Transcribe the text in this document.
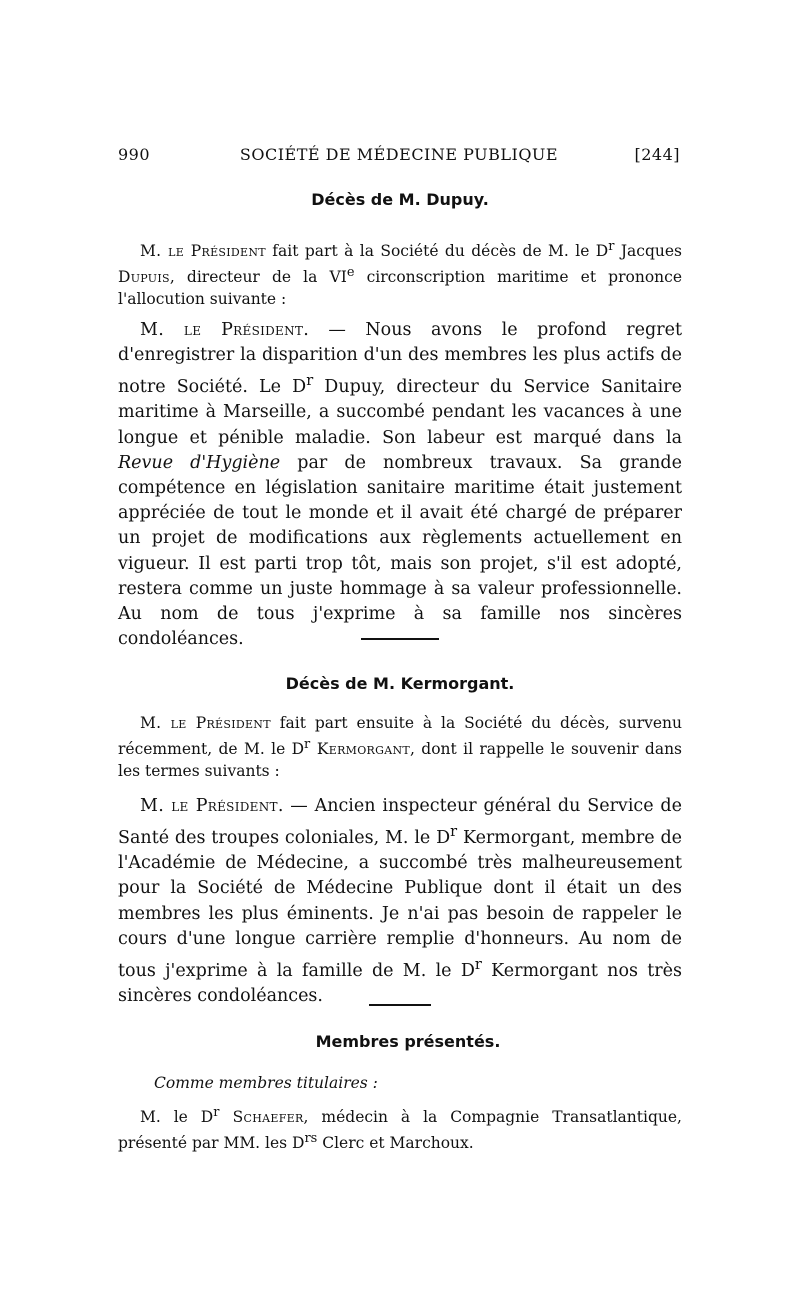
990	SOCIÉTÉ DE MÉDECINE PUBLIQUE	[244]
Décès de M. Dupuy.

M. le Président fait part à la Société du décès de M. le $D^r$ Jacques Dupuis, directeur de la VIe circonscription maritime et prononce l'allocution suivante :

M. le Président. — Nous avons le profond regret d'enregistrer la disparition d'un des membres les plus actifs de notre Société. Le $D^r$ Dupuy, directeur du Service Sanitaire maritime à Marseille, a succombé pendant les vacances à une longue et pénible maladie. Son labeur est marqué dans la Revue d'Hygiène par de nombreux travaux. Sa grande compétence en législation sanitaire maritime était justement appréciée de tout le monde et il avait été chargé de préparer un projet de modifications aux règlements actuellement en vigueur. Il est parti trop tôt, mais son projet, s'il est adopté, restera comme un juste hommage à sa valeur professionnelle. Au nom de tous j'exprime à sa famille nos sincères condoléances.

Décès de M. Kermorgant.

M. le Président fait part ensuite à la Société du décès, survenu récemment, de M. le $D^r$ Kermorgant, dont il rappelle le souvenir dans les termes suivants :

M. le Président. — Ancien inspecteur général du Service de Santé des troupes coloniales, M. le $D^r$ Kermorgant, membre de l'Académie de Médecine, a succombé très malheureusement pour la Société de Médecine Publique dont il était un des membres les plus éminents. Je n'ai pas besoin de rappeler le cours d'une longue carrière remplie d'honneurs. Au nom de tous j'exprime à la famille de M. le $D^r$ Kermorgant nos très sincères condoléances.

Membres présentés.

Comme membres titulaires :

M. le $D^r$ Schaefer, médecin à la Compagnie Transatlantique, présenté par MM. les $D^{rs}$ Clerc et Marchoux.
